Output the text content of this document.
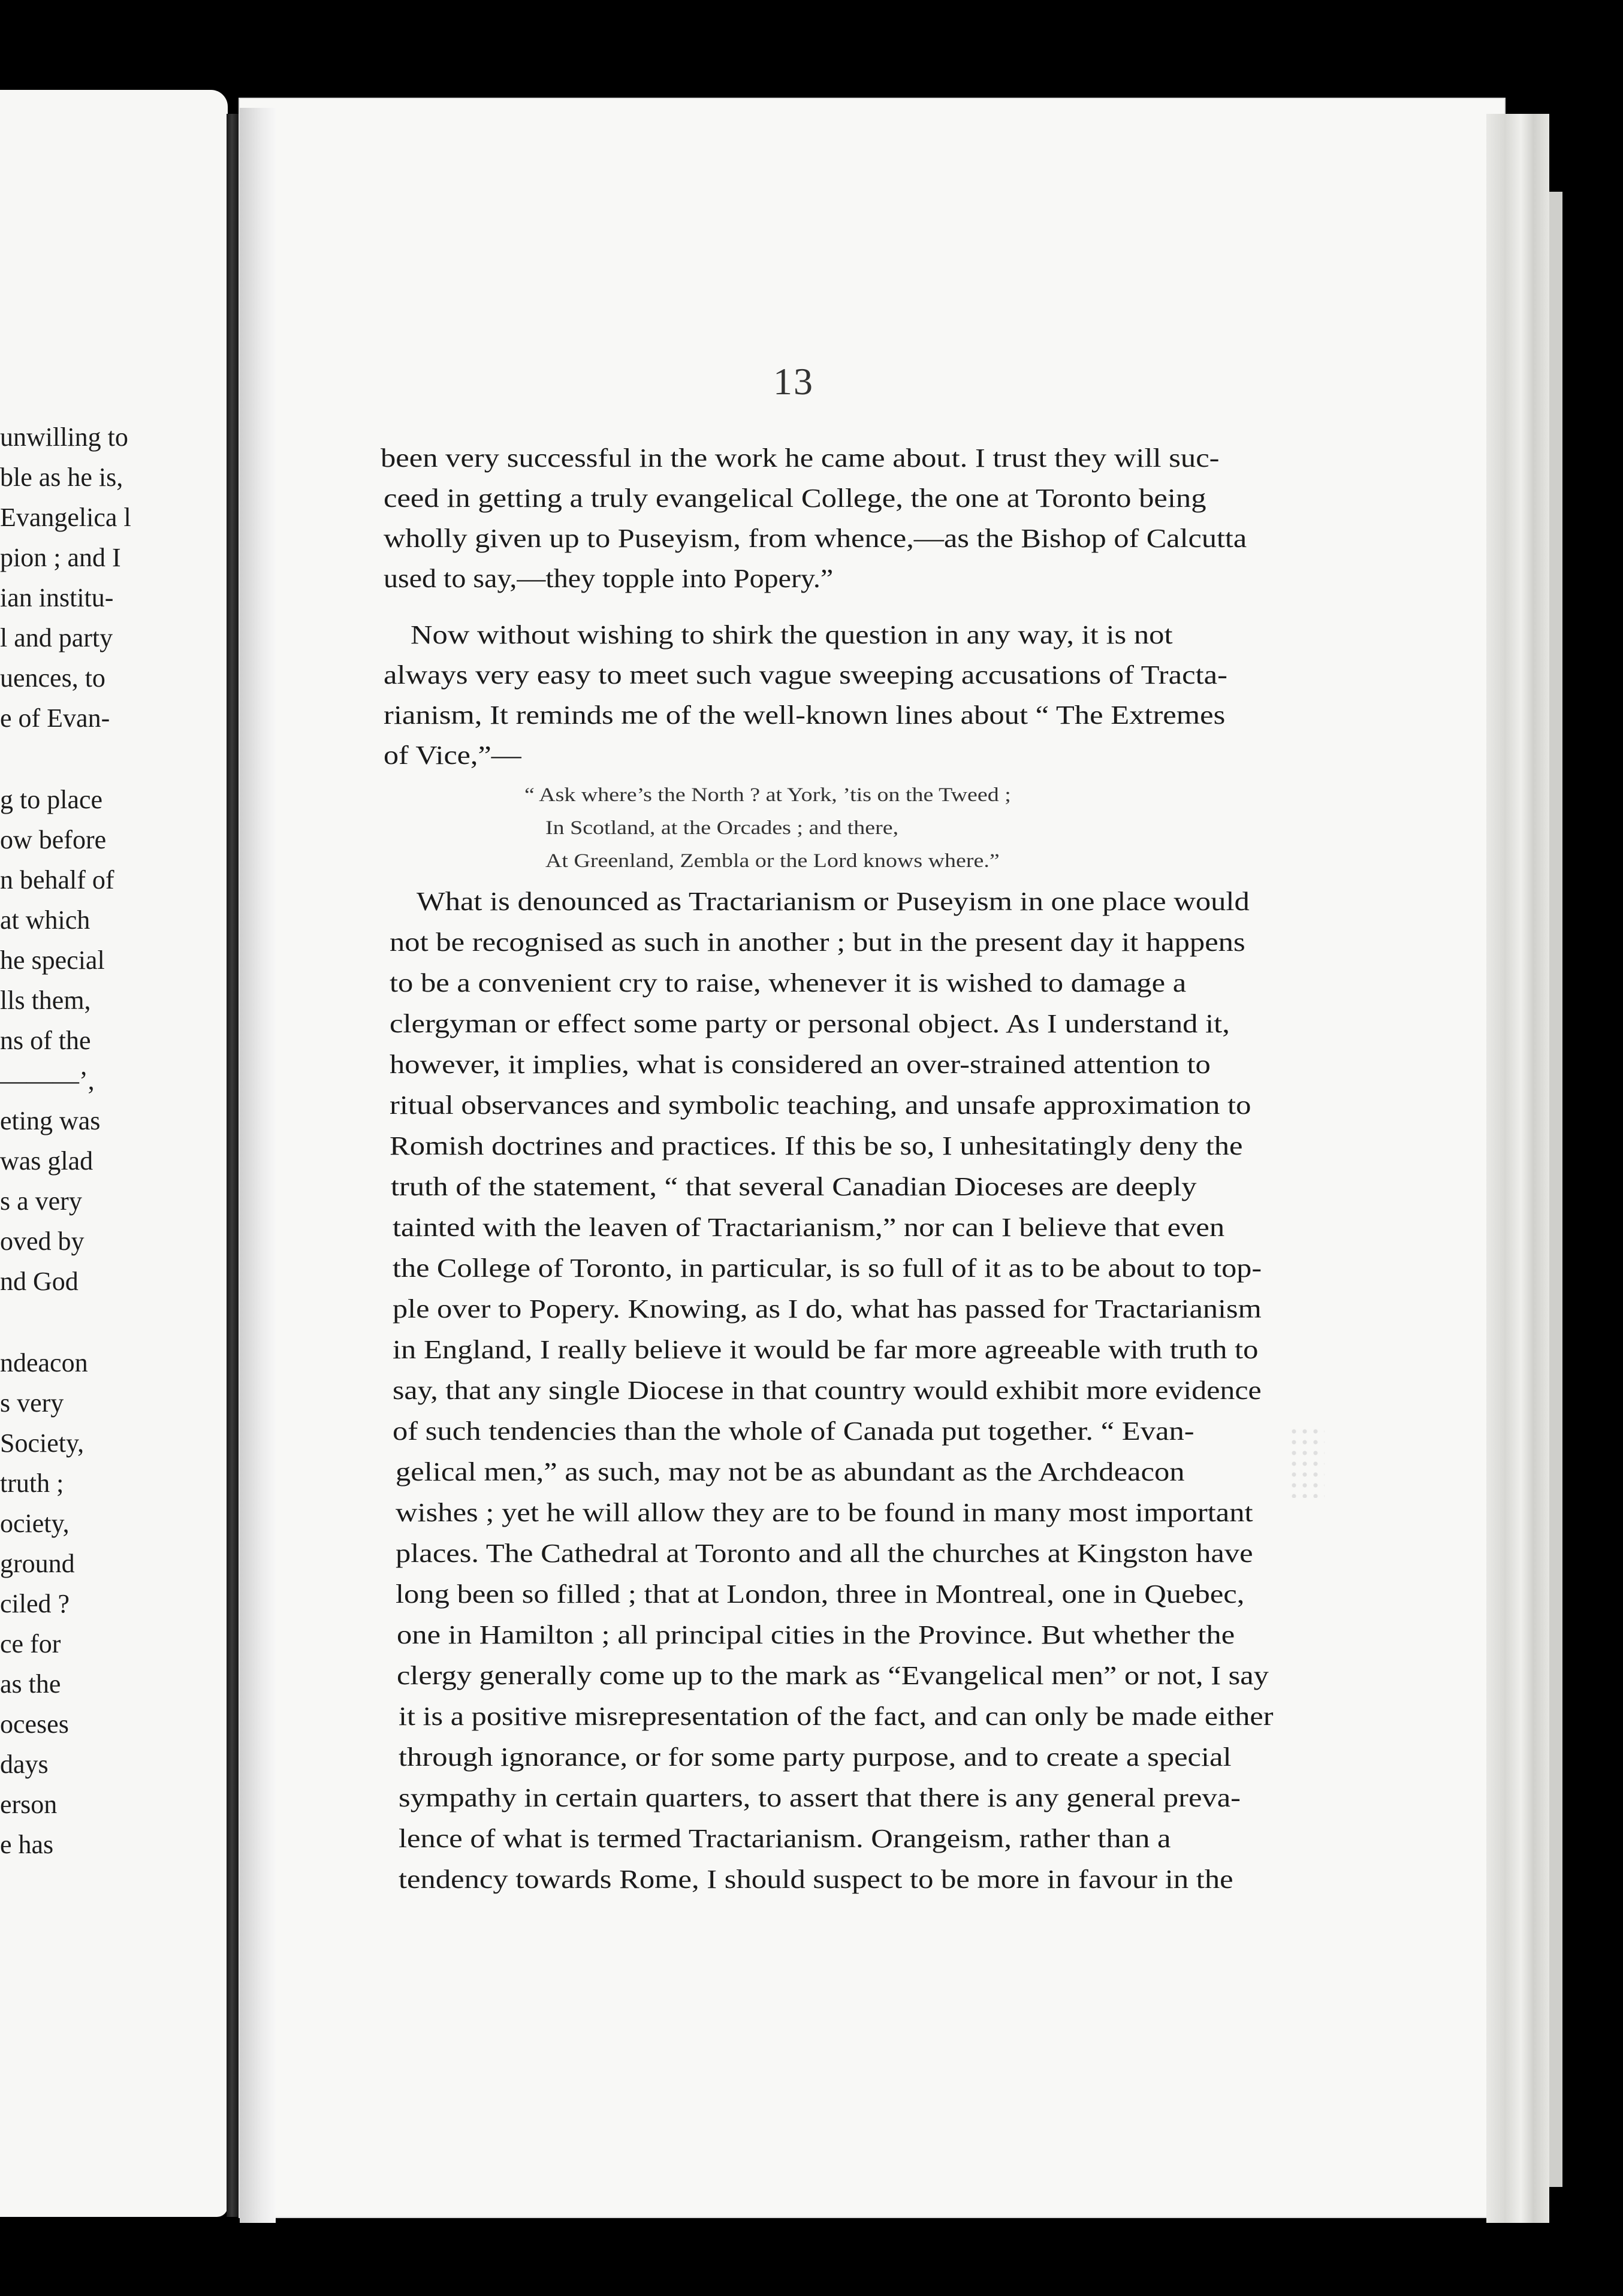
unwilling to
ble as he is,
Evangelica l
pion ; and I
ian institu-
l and party
uences, to
e of Evan-
g to place
ow before
n behalf of
at which
he special
lls them,
ns of the
———’,
eting was
was glad
s a very
oved by
nd God
ndeacon
s very
Society,
truth ;
ociety,
ground
ciled ?
ce for
as the
oceses
days
erson
e has
13
been very successful in the work he came about. I trust they will suc-
ceed in getting a truly evangelical College, the one at Toronto being
wholly given up to Puseyism, from whence,—as the Bishop of Calcutta
used to say,—they topple into Popery.”
Now without wishing to shirk the question in any way, it is not
always very easy to meet such vague sweeping accusations of Tracta-
rianism, It reminds me of the well-known lines about “ The Extremes
of Vice,”—
“ Ask where’s the North ? at York, ’tis on the Tweed ;
In Scotland, at the Orcades ; and there,
At Greenland, Zembla or the Lord knows where.”
What is denounced as Tractarianism or Puseyism in one place would
not be recognised as such in another ; but in the present day it happens
to be a convenient cry to raise, whenever it is wished to damage a
clergyman or effect some party or personal object. As I understand it,
however, it implies, what is considered an over-strained attention to
ritual observances and symbolic teaching, and unsafe approximation to
Romish doctrines and practices. If this be so, I unhesitatingly deny the
truth of the statement, “ that several Canadian Dioceses are deeply
tainted with the leaven of Tractarianism,” nor can I believe that even
the College of Toronto, in particular, is so full of it as to be about to top-
ple over to Popery. Knowing, as I do, what has passed for Tractarianism
in England, I really believe it would be far more agreeable with truth to
say, that any single Diocese in that country would exhibit more evidence
of such tendencies than the whole of Canada put together. “ Evan-
gelical men,” as such, may not be as abundant as the Archdeacon
wishes ; yet he will allow they are to be found in many most important
places. The Cathedral at Toronto and all the churches at Kingston have
long been so filled ; that at London, three in Montreal, one in Quebec,
one in Hamilton ; all principal cities in the Province. But whether the
clergy generally come up to the mark as “Evangelical men” or not, I say
it is a positive misrepresentation of the fact, and can only be made either
through ignorance, or for some party purpose, and to create a special
sympathy in certain quarters, to assert that there is any general preva-
lence of what is termed Tractarianism. Orangeism, rather than a
tendency towards Rome, I should suspect to be more in favour in the
